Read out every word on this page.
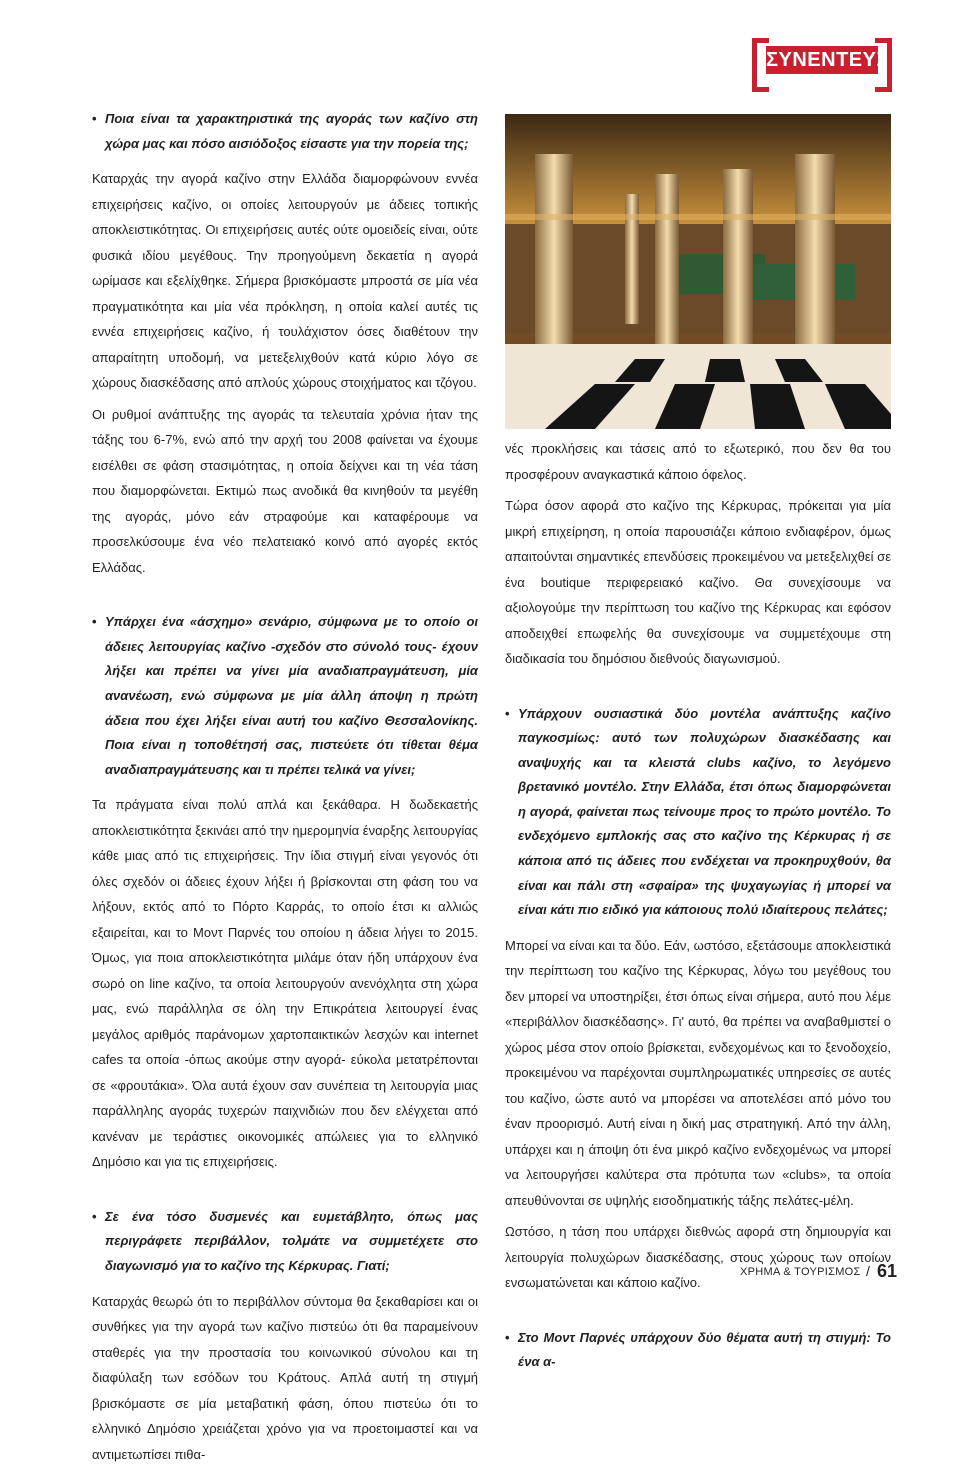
ΣΥΝΕΝΤΕΥΞΗ
• Ποια είναι τα χαρακτηριστικά της αγοράς των καζίνο στη χώρα μας και πόσο αισιόδοξος είσαστε για την πορεία της;

Καταρχάς την αγορά καζίνο στην Ελλάδα διαμορφώνουν εννέα επιχειρήσεις καζίνο, οι οποίες λειτουργούν με άδειες τοπικής αποκλειστικότητας. Οι επιχειρήσεις αυτές ούτε ομοειδείς είναι, ούτε φυσικά ιδίου μεγέθους. Την προηγούμενη δεκαετία η αγορά ωρίμασε και εξελίχθηκε. Σήμερα βρισκόμαστε μπροστά σε μία νέα πραγματικότητα και μία νέα πρόκληση, η οποία καλεί αυτές τις εννέα επιχειρήσεις καζίνο, ή τουλάχιστον όσες διαθέτουν την απαραίτητη υποδομή, να μετεξελιχθούν κατά κύριο λόγο σε χώρους διασκέδασης από απλούς χώρους στοιχήματος και τζόγου.

Οι ρυθμοί ανάπτυξης της αγοράς τα τελευταία χρόνια ήταν της τάξης του 6-7%, ενώ από την αρχή του 2008 φαίνεται να έχουμε εισέλθει σε φάση στασιμότητας, η οποία δείχνει και τη νέα τάση που διαμορφώνεται. Εκτιμώ πως ανοδικά θα κινηθούν τα μεγέθη της αγοράς, μόνο εάν στραφούμε και καταφέρουμε να προσελκύσουμε ένα νέο πελατειακό κοινό από αγορές εκτός Ελλάδας.

• Υπάρχει ένα «άσχημο» σενάριο, σύμφωνα με το οποίο οι άδειες λειτουργίας καζίνο -σχεδόν στο σύνολό τους- έχουν λήξει και πρέπει να γίνει μία αναδιαπραγμάτευση, μία ανανέωση, ενώ σύμφωνα με μία άλλη άποψη η πρώτη άδεια που έχει λήξει είναι αυτή του καζίνο Θεσσαλονίκης. Ποια είναι η τοποθέτησή σας, πιστεύετε ότι τίθεται θέμα αναδιαπραγμάτευσης και τι πρέπει τελικά να γίνει;

Τα πράγματα είναι πολύ απλά και ξεκάθαρα. Η δωδεκαετής αποκλειστικότητα ξεκινάει από την ημερομηνία έναρξης λειτουργίας κάθε μιας από τις επιχειρήσεις. Την ίδια στιγμή είναι γεγονός ότι όλες σχεδόν οι άδειες έχουν λήξει ή βρίσκονται στη φάση του να λήξουν, εκτός από το Πόρτο Καρράς, το οποίο έτσι κι αλλιώς εξαιρείται, και το Μοντ Παρνές του οποίου η άδεια λήγει το 2015. Όμως, για ποια αποκλειστικότητα μιλάμε όταν ήδη υπάρχουν ένα σωρό on line καζίνο, τα οποία λειτουργούν ανενόχλητα στη χώρα μας, ενώ παράλληλα σε όλη την Επικράτεια λειτουργεί ένας μεγάλος αριθμός παράνομων χαρτοπαικτικών λεσχών και internet cafes τα οποία -όπως ακούμε στην αγορά- εύκολα μετατρέπονται σε «φρουτάκια». Όλα αυτά έχουν σαν συνέπεια τη λειτουργία μιας παράλληλης αγοράς τυχερών παιχνιδιών που δεν ελέγχεται από κανέναν με τεράστιες οικονομικές απώλειες για το ελληνικό Δημόσιο και για τις επιχειρήσεις.

• Σε ένα τόσο δυσμενές και ευμετάβλητο, όπως μας περιγράφετε περιβάλλον, τολμάτε να συμμετέχετε στο διαγωνισμό για το καζίνο της Κέρκυρας. Γιατί;

Καταρχάς θεωρώ ότι το περιβάλλον σύντομα θα ξεκαθαρίσει και οι συνθήκες για την αγορά των καζίνο πιστεύω ότι θα παραμείνουν σταθερές για την προστασία του κοινωνικού σύνολου και τη διαφύλαξη των εσόδων του Κράτους. Απλά αυτή τη στιγμή βρισκόμαστε σε μία μεταβατική φάση, όπου πιστεύω ότι το ελληνικό Δημόσιο χρειάζεται χρόνο για να προετοιμαστεί και να αντιμετωπίσει πιθα-

νές προκλήσεις και τάσεις από το εξωτερικό, που δεν θα του προσφέρουν αναγκαστικά κάποιο όφελος.

Τώρα όσον αφορά στο καζίνο της Κέρκυρας, πρόκειται για μία μικρή επιχείρηση, η οποία παρουσιάζει κάποιο ενδιαφέρον, όμως απαιτούνται σημαντικές επενδύσεις προκειμένου να μετεξελιχθεί σε ένα boutique περιφερειακό καζίνο. Θα συνεχίσουμε να αξιολογούμε την περίπτωση του καζίνο της Κέρκυρας και εφόσον αποδειχθεί επωφελής θα συνεχίσουμε να συμμετέχουμε στη διαδικασία του δημόσιου διεθνούς διαγωνισμού.

• Υπάρχουν ουσιαστικά δύο μοντέλα ανάπτυξης καζίνο παγκοσμίως: αυτό των πολυχώρων διασκέδασης και αναψυχής και τα κλειστά clubs καζίνο, το λεγόμενο βρετανικό μοντέλο. Στην Ελλάδα, έτσι όπως διαμορφώνεται η αγορά, φαίνεται πως τείνουμε προς το πρώτο μοντέλο. Το ενδεχόμενο εμπλοκής σας στο καζίνο της Κέρκυρας ή σε κάποια από τις άδειες που ενδέχεται να προκηρυχθούν, θα είναι και πάλι στη «σφαίρα» της ψυχαγωγίας ή μπορεί να είναι κάτι πιο ειδικό για κάποιους πολύ ιδιαίτερους πελάτες;

Μπορεί να είναι και τα δύο. Εάν, ωστόσο, εξετάσουμε αποκλειστικά την περίπτωση του καζίνο της Κέρκυρας, λόγω του μεγέθους του δεν μπορεί να υποστηρίξει, έτσι όπως είναι σήμερα, αυτό που λέμε «περιβάλλον διασκέδασης». Γι' αυτό, θα πρέπει να αναβαθμιστεί ο χώρος μέσα στον οποίο βρίσκεται, ενδεχομένως και το ξενοδοχείο, προκειμένου να παρέχονται συμπληρωματικές υπηρεσίες σε αυτές του καζίνο, ώστε αυτό να μπορέσει να αποτελέσει από μόνο του έναν προορισμό. Αυτή είναι η δική μας στρατηγική. Από την άλλη, υπάρχει και η άποψη ότι ένα μικρό καζίνο ενδεχομένως να μπορεί να λειτουργήσει καλύτερα στα πρότυπα των «clubs», τα οποία απευθύνονται σε υψηλής εισοδηματικής τάξης πελάτες-μέλη.

Ωστόσο, η τάση που υπάρχει διεθνώς αφορά στη δημιουργία και λειτουργία πολυχώρων διασκέδασης, στους χώρους των οποίων ενσωματώνεται και κάποιο καζίνο.

• Στο Μοντ Παρνές υπάρχουν δύο θέματα αυτή τη στιγμή: Το ένα α-
ΧΡΗΜΑ & ΤΟΥΡΙΣΜΟΣ / 61
